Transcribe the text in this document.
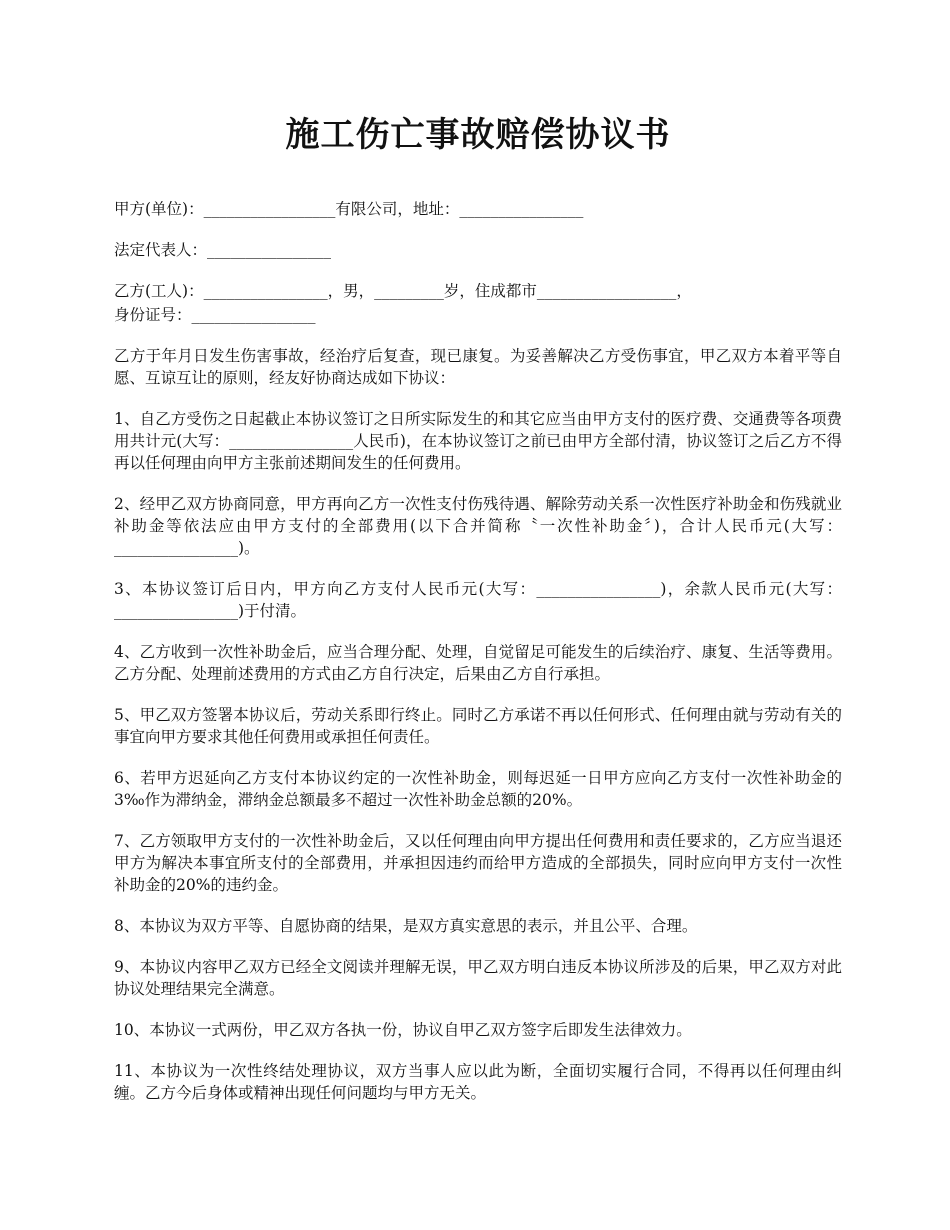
施工伤亡事故赔偿协议书

甲方(单位)：_________________有限公司，地址：________________

法定代表人：________________

乙方(工人)：________________，男，_________岁，住成都市__________________，

身份证号：________________

乙方于年月日发生伤害事故，经治疗后复查，现已康复。为妥善解决乙方受伤事宜，甲乙双方本着平等自愿、互谅互让的原则，经友好协商达成如下协议：

1、自乙方受伤之日起截止本协议签订之日所实际发生的和其它应当由甲方支付的医疗费、交通费等各项费用共计元(大写：________________人民币)，在本协议签订之前已由甲方全部付清，协议签订之后乙方不得再以任何理由向甲方主张前述期间发生的任何费用。

2、经甲乙双方协商同意，甲方再向乙方一次性支付伤残待遇、解除劳动关系一次性医疗补助金和伤残就业补助金等依法应由甲方支付的全部费用(以下合并简称〝一次性补助金〞)，合计人民币元(大写：________________)。

3、本协议签订后日内，甲方向乙方支付人民币元(大写：________________)，余款人民币元(大写：________________)于付清。

4、乙方收到一次性补助金后，应当合理分配、处理，自觉留足可能发生的后续治疗、康复、生活等费用。乙方分配、处理前述费用的方式由乙方自行决定，后果由乙方自行承担。

5、甲乙双方签署本协议后，劳动关系即行终止。同时乙方承诺不再以任何形式、任何理由就与劳动有关的事宜向甲方要求其他任何费用或承担任何责任。

6、若甲方迟延向乙方支付本协议约定的一次性补助金，则每迟延一日甲方应向乙方支付一次性补助金的3‰作为滞纳金，滞纳金总额最多不超过一次性补助金总额的20%。

7、乙方领取甲方支付的一次性补助金后，又以任何理由向甲方提出任何费用和责任要求的，乙方应当退还甲方为解决本事宜所支付的全部费用，并承担因违约而给甲方造成的全部损失，同时应向甲方支付一次性补助金的20%的违约金。

8、本协议为双方平等、自愿协商的结果，是双方真实意思的表示，并且公平、合理。

9、本协议内容甲乙双方已经全文阅读并理解无误，甲乙双方明白违反本协议所涉及的后果，甲乙双方对此协议处理结果完全满意。

10、本协议一式两份，甲乙双方各执一份，协议自甲乙双方签字后即发生法律效力。

11、本协议为一次性终结处理协议，双方当事人应以此为断，全面切实履行合同，不得再以任何理由纠缠。乙方今后身体或精神出现任何问题均与甲方无关。
